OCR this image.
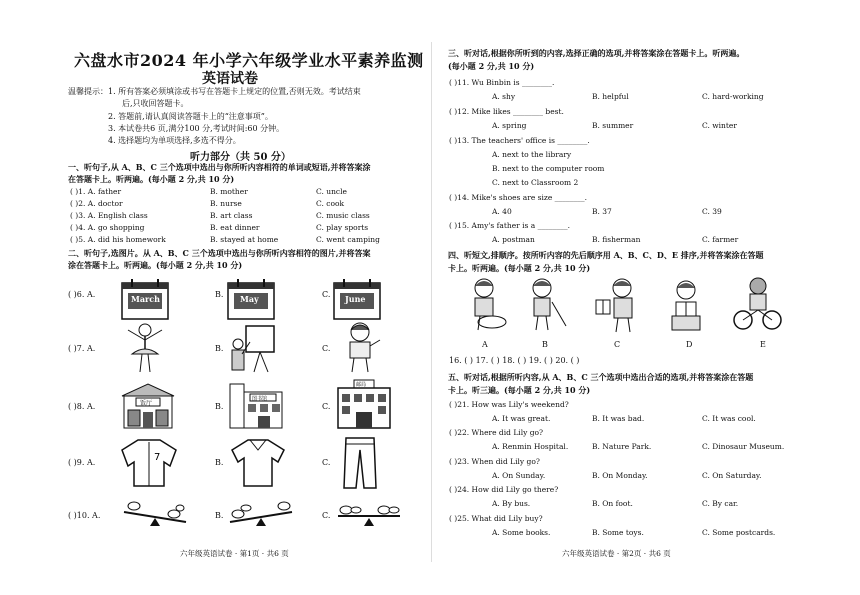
六盘水市2024 年小学六年级学业水平素养监测
英语试卷
温馨提示：1. 所有答案必须填涂或书写在答题卡上规定的位置,否则无效。考试结束
后,只收回答题卡。
2. 答题前,请认真阅读答题卡上的“注意事项”。
3. 本试卷共6 页,满分100 分,考试时间:60 分钟。
4. 选择题均为单项选择,多选不得分。
听力部分（共 50 分）
一、听句子,从 A、B、C 三个选项中选出与你所听内容相符的单词或短语,并将答案涂
在答题卡上。听两遍。(每小题 2 分,共 10 分)
( )1. A. father	B. mother	C. uncle
( )2. A. doctor	B. nurse	C. cook
( )3. A. English class	B. art class	C. music class
( )4. A. go shopping	B. eat dinner	C. play sports
( )5. A. did his homework	B. stayed at home	C. went camping
二、听句子,选图片。从 A、B、C 三个选项中选出与你所听内容相符的图片,并将答案
涂在答题卡上。听两遍。(每小题 2 分,共 10 分)
( )6. A.	B.	C.
March	May	June
( )7. A.	B.	C.
( )8. A.	B.	C.
饭厅
图书馆
邮局
( )9. A.	B.	C.
7
( )10. A.	B.	C.
六年级英语试卷 · 第1页 · 共6 页
三、听对话,根据你所听到的内容,选择正确的选项,并将答案涂在答题卡上。听两遍。
(每小题 2 分,共 10 分)
( )11. Wu Binbin is ________.
A. shy	B. helpful	C. hard-working
( )12. Mike likes ________ best.
A. spring	B. summer	C. winter
( )13. The teachers' office is ________.
A. next to the library
B. next to the computer room
C. next to Classroom 2
( )14. Mike's shoes are size ________.
A. 40	B. 37	C. 39
( )15. Amy's father is a ________.
A. postman	B. fisherman	C. farmer
四、听短文,排顺序。按所听内容的先后顺序用 A、B、C、D、E 排序,并将答案涂在答题
卡上。听两遍。(每小题 2 分,共 10 分)
A	B	C	D	E
16. ( ) 17. ( ) 18. ( ) 19. ( ) 20. ( )
五、听对话,根据所听内容,从 A、B、C 三个选项中选出合适的选项,并将答案涂在答题
卡上。听三遍。(每小题 2 分,共 10 分)
( )21. How was Lily's weekend?
A. It was great.	B. It was bad.	C. It was cool.
( )22. Where did Lily go?
A. Renmin Hospital.	B. Nature Park.	C. Dinosaur Museum.
( )23. When did Lily go?
A. On Sunday.	B. On Monday.	C. On Saturday.
( )24. How did Lily go there?
A. By bus.	B. On foot.	C. By car.
( )25. What did Lily buy?
A. Some books.	B. Some toys.	C. Some postcards.
六年级英语试卷 · 第2页 · 共6 页
